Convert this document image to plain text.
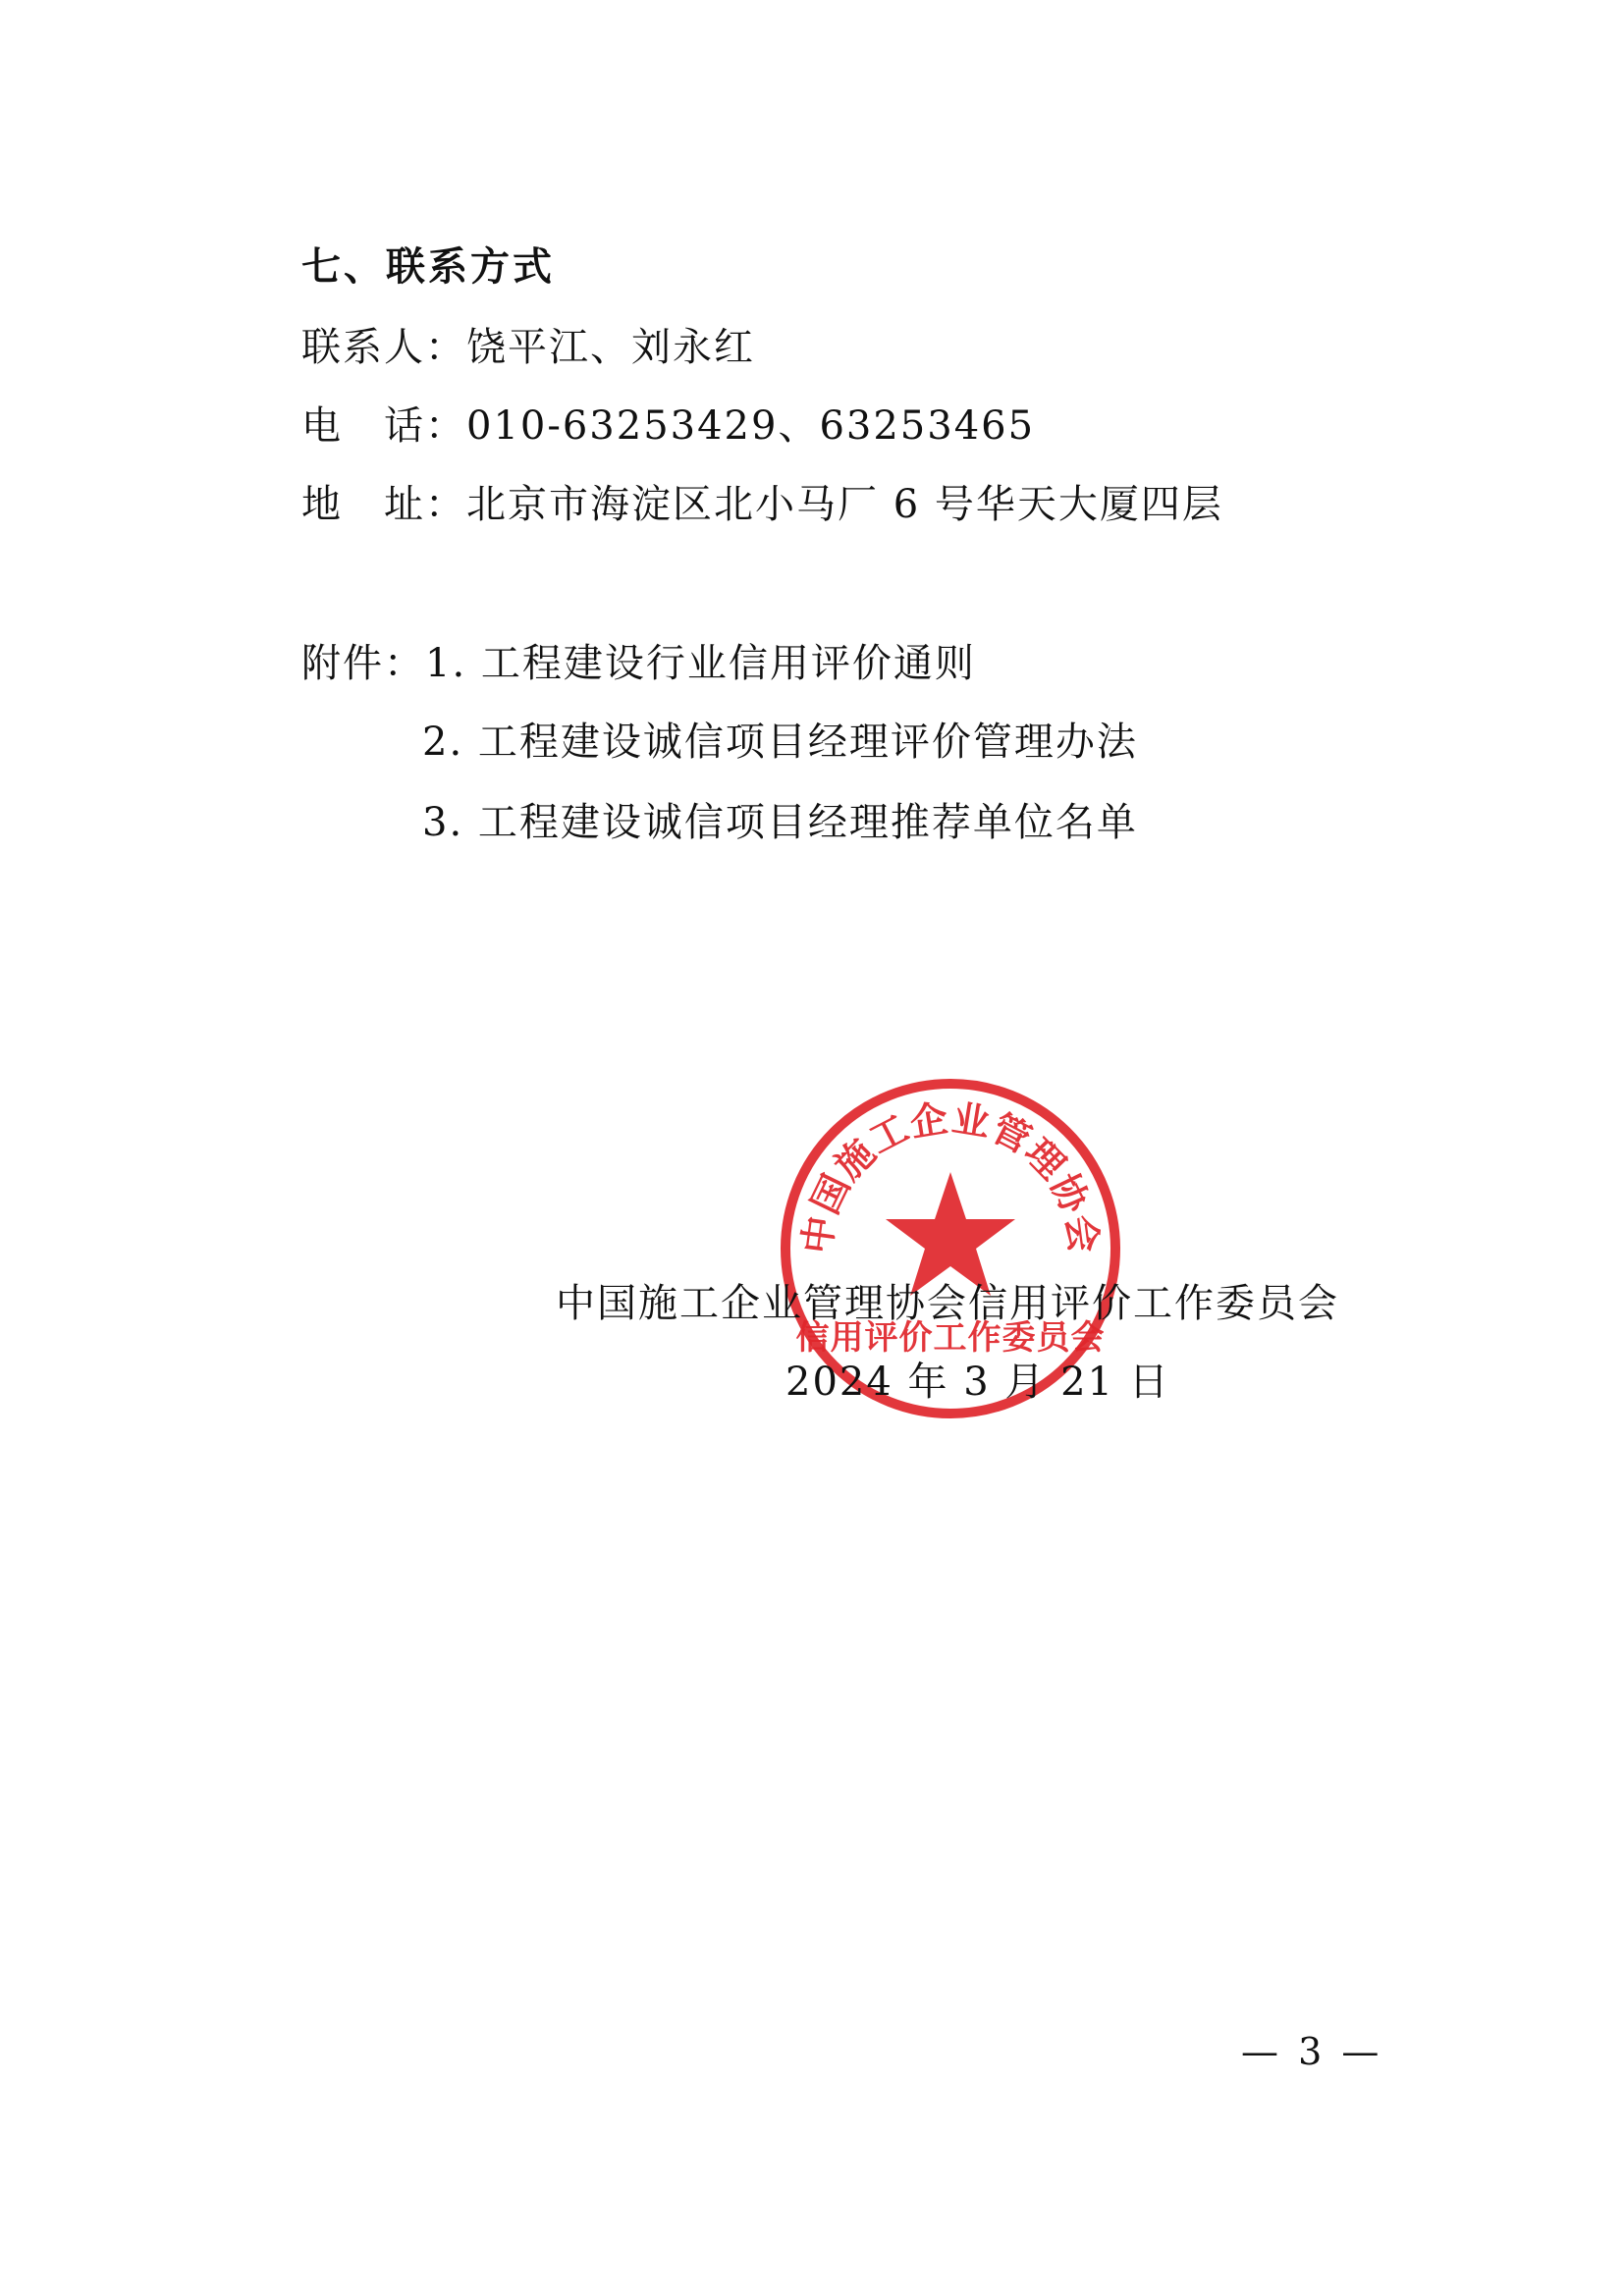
七、联系方式
联系人：饶平江、刘永红
电　话：010-63253429、63253465
地　址：北京市海淀区北小马厂 6 号华天大厦四层
附件：1. 工程建设行业信用评价通则
2. 工程建设诚信项目经理评价管理办法
3. 工程建设诚信项目经理推荐单位名单
中国施工企业管理协会
信用评价工作委员会
中国施工企业管理协会信用评价工作委员会
2024 年 3 月 21 日
— 3 —
